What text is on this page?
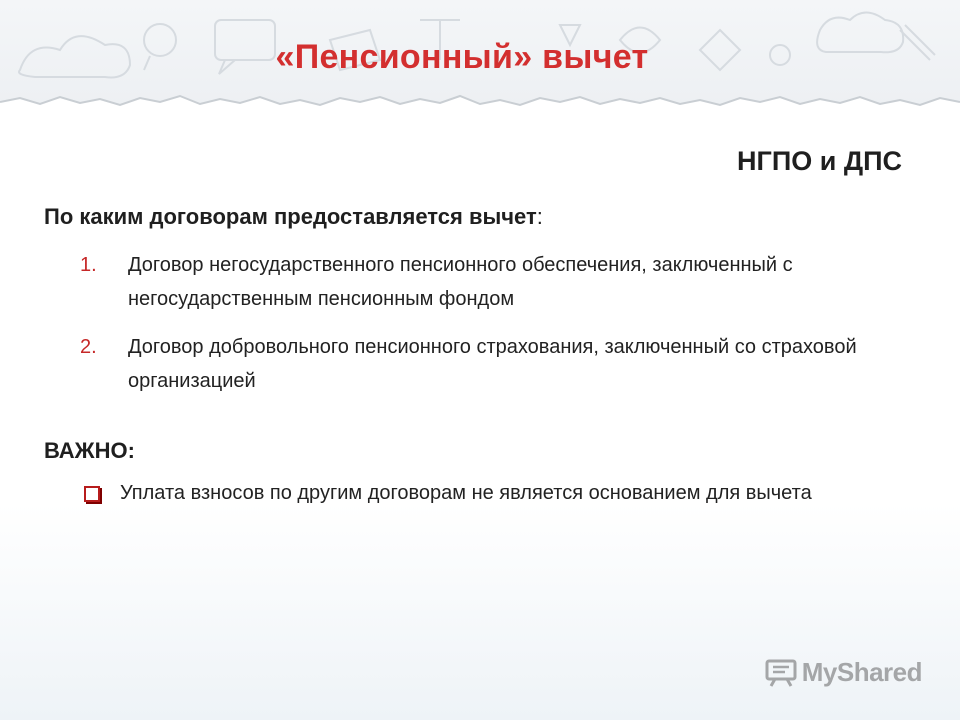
«Пенсионный» вычет
НГПО и ДПС
По каким договорам предоставляется вычет:
1.	Договор негосударственного пенсионного обеспечения, заключенный с негосударственным пенсионным фондом
2.	Договор добровольного пенсионного страхования, заключенный со страховой организацией
ВАЖНО:
Уплата взносов по другим договорам не является основанием для вычета
MyShared
